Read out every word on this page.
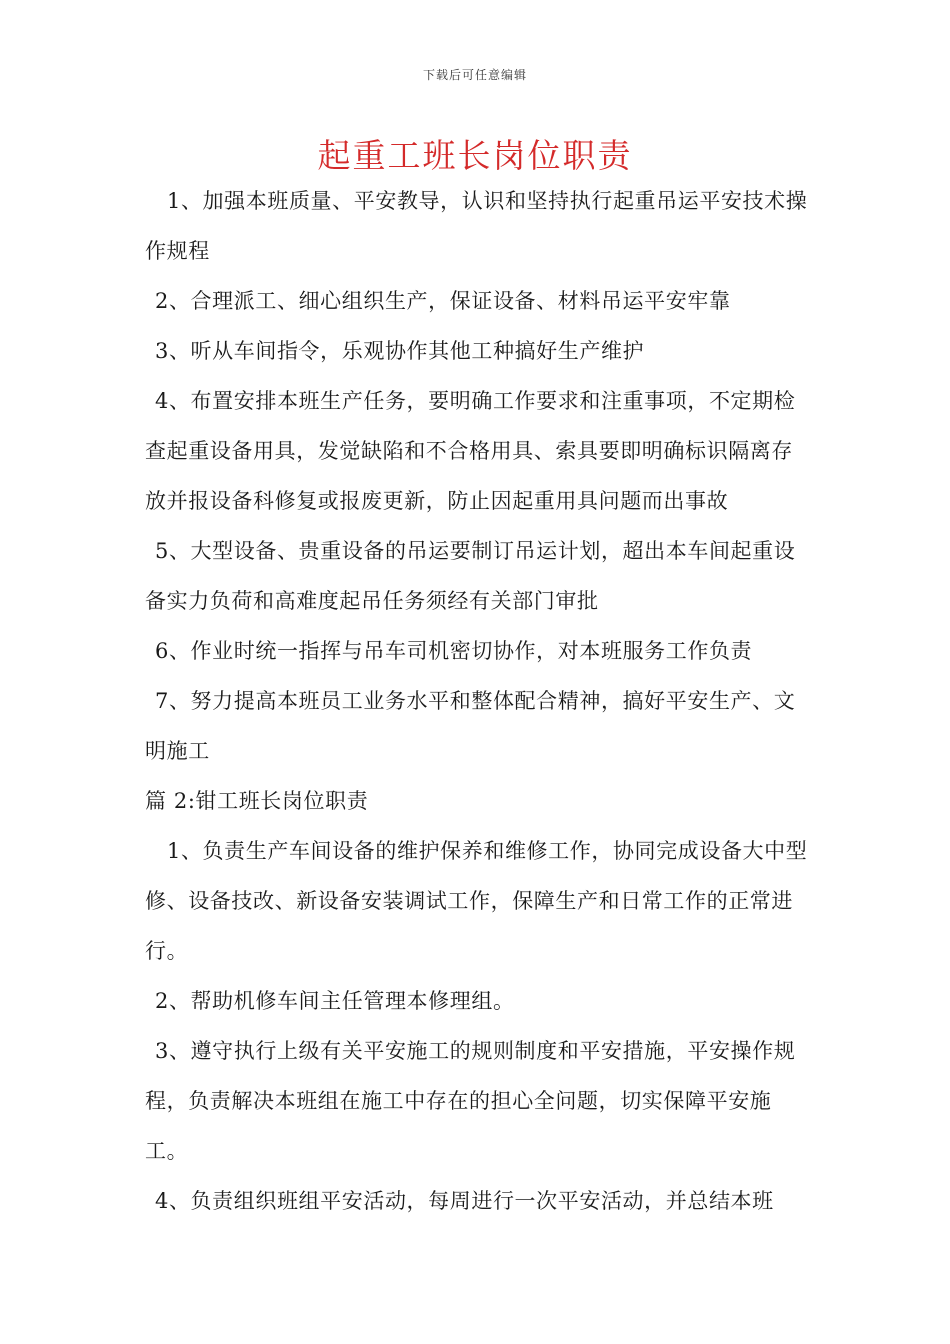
下载后可任意编辑
起重工班长岗位职责

1、加强本班质量、平安教导，认识和坚持执行起重吊运平安技术操作规程

2、合理派工、细心组织生产，保证设备、材料吊运平安牢靠

3、听从车间指令，乐观协作其他工种搞好生产维护

4、布置安排本班生产任务，要明确工作要求和注重事项，不定期检查起重设备用具，发觉缺陷和不合格用具、索具要即明确标识隔离存放并报设备科修复或报废更新，防止因起重用具问题而出事故

5、大型设备、贵重设备的吊运要制订吊运计划，超出本车间起重设备实力负荷和高难度起吊任务须经有关部门审批

6、作业时统一指挥与吊车司机密切协作，对本班服务工作负责

7、努力提高本班员工业务水平和整体配合精神，搞好平安生产、文明施工

篇 2:钳工班长岗位职责

1、负责生产车间设备的维护保养和维修工作，协同完成设备大中型修、设备技改、新设备安装调试工作，保障生产和日常工作的正常进行。

2、帮助机修车间主任管理本修理组。

3、遵守执行上级有关平安施工的规则制度和平安措施，平安操作规程，负责解决本班组在施工中存在的担心全问题，切实保障平安施工。

4、负责组织班组平安活动，每周进行一次平安活动，并总结本班
